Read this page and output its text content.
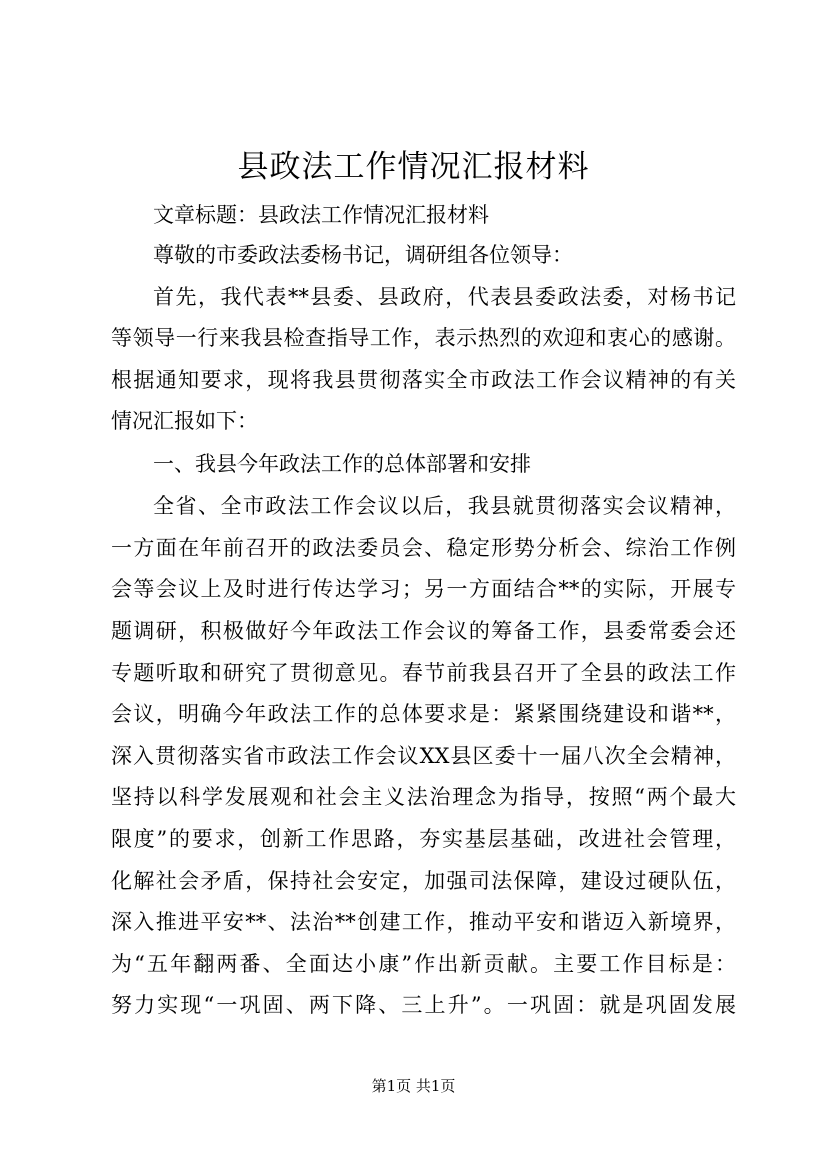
县政法工作情况汇报材料
文章标题：县政法工作情况汇报材料
尊敬的市委政法委杨书记，调研组各位领导：
首先，我代表**县委、县政府，代表县委政法委，对杨书记
等领导一行来我县检查指导工作，表示热烈的欢迎和衷心的感谢。
根据通知要求，现将我县贯彻落实全市政法工作会议精神的有关
情况汇报如下：
一、我县今年政法工作的总体部署和安排
全省、全市政法工作会议以后，我县就贯彻落实会议精神，
一方面在年前召开的政法委员会、稳定形势分析会、综治工作例
会等会议上及时进行传达学习；另一方面结合**的实际，开展专
题调研，积极做好今年政法工作会议的筹备工作，县委常委会还
专题听取和研究了贯彻意见。春节前我县召开了全县的政法工作
会议，明确今年政法工作的总体要求是：紧紧围绕建设和谐**，
深入贯彻落实省市政法工作会议XX县区委十一届八次全会精神，
坚持以科学发展观和社会主义法治理念为指导，按照“两个最大
限度”的要求，创新工作思路，夯实基层基础，改进社会管理，
化解社会矛盾，保持社会安定，加强司法保障，建设过硬队伍，
深入推进平安**、法治**创建工作，推动平安和谐迈入新境界，
为“五年翻两番、全面达小康”作出新贡献。主要工作目标是：
努力实现“一巩固、两下降、三上升”。一巩固：就是巩固发展
第1页 共1页
